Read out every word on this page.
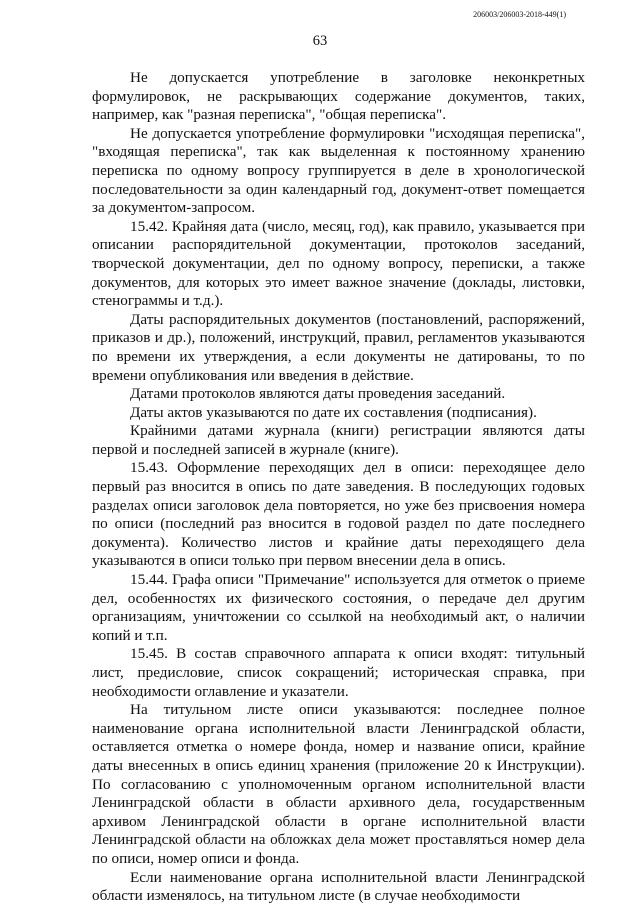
206003/206003-2018-449(1)
63

Не допускается употребление в заголовке неконкретных формулировок, не раскрывающих содержание документов, таких, например, как "разная переписка", "общая переписка".

Не допускается употребление формулировки "исходящая переписка", "входящая переписка", так как выделенная к постоянному хранению переписка по одному вопросу группируется в деле в хронологической последовательности за один календарный год, документ-ответ помещается за документом-запросом.

15.42. Крайняя дата (число, месяц, год), как правило, указывается при описании распорядительной документации, протоколов заседаний, творческой документации, дел по одному вопросу, переписки, а также документов, для которых это имеет важное значение (доклады, листовки, стенограммы и т.д.).

Даты распорядительных документов (постановлений, распоряжений, приказов и др.), положений, инструкций, правил, регламентов указываются по времени их утверждения, а если документы не датированы, то по времени опубликования или введения в действие.

Датами протоколов являются даты проведения заседаний.

Даты актов указываются по дате их составления (подписания).

Крайними датами журнала (книги) регистрации являются даты первой и последней записей в журнале (книге).

15.43. Оформление переходящих дел в описи: переходящее дело первый раз вносится в опись по дате заведения. В последующих годовых разделах описи заголовок дела повторяется, но уже без присвоения номера по описи (последний раз вносится в годовой раздел по дате последнего документа). Количество листов и крайние даты переходящего дела указываются в описи только при первом внесении дела в опись.

15.44. Графа описи "Примечание" используется для отметок о приеме дел, особенностях их физического состояния, о передаче дел другим организациям, уничтожении со ссылкой на необходимый акт, о наличии копий и т.п.

15.45. В состав справочного аппарата к описи входят: титульный лист, предисловие, список сокращений; историческая справка, при необходимости оглавление и указатели.

На титульном листе описи указываются: последнее полное наименование органа исполнительной власти Ленинградской области, оставляется отметка о номере фонда, номер и название описи, крайние даты внесенных в опись единиц хранения (приложение 20 к Инструкции). По согласованию с уполномоченным органом исполнительной власти Ленинградской области в области архивного дела, государственным архивом Ленинградской области в органе исполнительной власти Ленинградской области на обложках дела может проставляться номер дела по описи, номер описи и фонда.

Если наименование органа исполнительной власти Ленинградской области изменялось, на титульном листе (в случае необходимости
